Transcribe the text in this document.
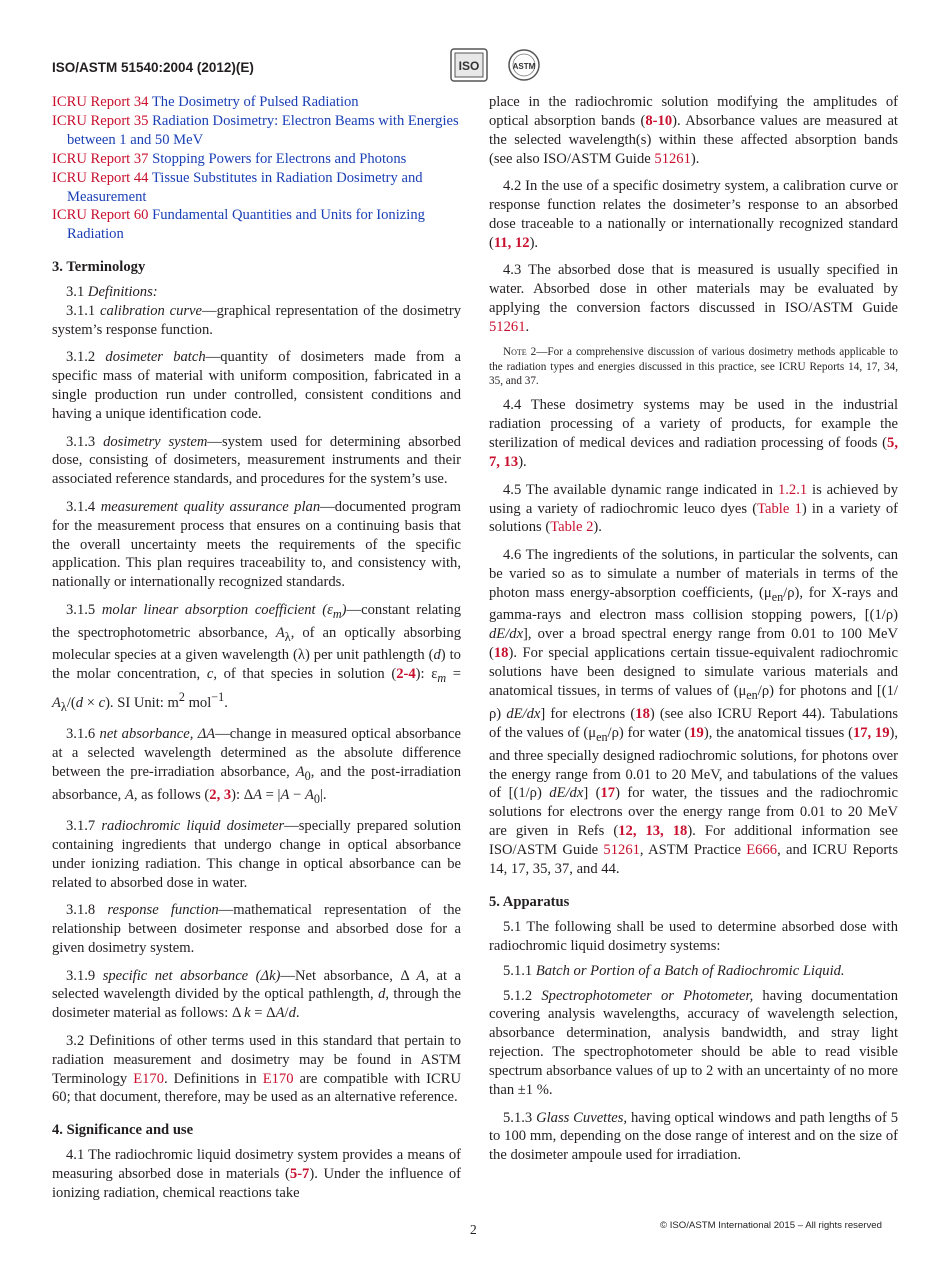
ISO/ASTM 51540:2004 (2012)(E)	ISO	ASTM

ICRU Report 34 The Dosimetry of Pulsed Radiation

ICRU Report 35 Radiation Dosimetry: Electron Beams with Energies between 1 and 50 MeV

ICRU Report 37 Stopping Powers for Electrons and Photons

ICRU Report 44 Tissue Substitutes in Radiation Dosimetry and Measurement

ICRU Report 60 Fundamental Quantities and Units for Ionizing Radiation

3. Terminology

3.1 Definitions:

3.1.1 calibration curve—graphical representation of the dosimetry system’s response function.

3.1.2 dosimeter batch—quantity of dosimeters made from a specific mass of material with uniform composition, fabricated in a single production run under controlled, consistent conditions and having a unique identification code.

3.1.3 dosimetry system—system used for determining absorbed dose, consisting of dosimeters, measurement instruments and their associated reference standards, and procedures for the system’s use.

3.1.4 measurement quality assurance plan—documented program for the measurement process that ensures on a continuing basis that the overall uncertainty meets the requirements of the specific application. This plan requires traceability to, and consistency with, nationally or internationally recognized standards.

3.1.5 molar linear absorption coefficient $(\varepsilon_m)—constant$ relating the spectrophotometric absorbance, $A_\lambda$, of an optically absorbing molecular species at a given wavelength (λ) per unit pathlength (d) to the molar concentration, c, of that species in solution (2-4): $\varepsilon_m = A_\lambda/(d \times c)$. SI Unit: $m^2$ mol$^{-1}$.

3.1.6 net absorbance, ΔA—change in measured optical absorbance at a selected wavelength determined as the absolute difference between the pre-irradiation absorbance, $A_0$, and the post-irradiation absorbance, A, as follows (2, 3): $\Delta A = |A - A_0|$.

3.1.7 radiochromic liquid dosimeter—specially prepared solution containing ingredients that undergo change in optical absorbance under ionizing radiation. This change in optical absorbance can be related to absorbed dose in water.

3.1.8 response function—mathematical representation of the relationship between dosimeter response and absorbed dose for a given dosimetry system.

3.1.9 specific net absorbance (Δk)—Net absorbance, Δ A, at a selected wavelength divided by the optical pathlength, d, through the dosimeter material as follows: Δ k = ΔA/d.

3.2 Definitions of other terms used in this standard that pertain to radiation measurement and dosimetry may be found in ASTM Terminology E170. Definitions in E170 are compatible with ICRU 60; that document, therefore, may be used as an alternative reference.

4. Significance and use

4.1 The radiochromic liquid dosimetry system provides a means of measuring absorbed dose in materials (5-7). Under the influence of ionizing radiation, chemical reactions take

place in the radiochromic solution modifying the amplitudes of optical absorption bands (8-10). Absorbance values are measured at the selected wavelength(s) within these affected absorption bands (see also ISO/ASTM Guide 51261).

4.2 In the use of a specific dosimetry system, a calibration curve or response function relates the dosimeter’s response to an absorbed dose traceable to a nationally or internationally recognized standard (11, 12).

4.3 The absorbed dose that is measured is usually specified in water. Absorbed dose in other materials may be evaluated by applying the conversion factors discussed in ISO/ASTM Guide 51261.

Note 2—For a comprehensive discussion of various dosimetry methods applicable to the radiation types and energies discussed in this practice, see ICRU Reports 14, 17, 34, 35, and 37.

4.4 These dosimetry systems may be used in the industrial radiation processing of a variety of products, for example the sterilization of medical devices and radiation processing of foods (5, 7, 13).

4.5 The available dynamic range indicated in 1.2.1 is achieved by using a variety of radiochromic leuco dyes (Table 1) in a variety of solutions (Table 2).

4.6 The ingredients of the solutions, in particular the solvents, can be varied so as to simulate a number of materials in terms of the photon mass energy-absorption coefficients, $(\mu_{en}/\rho)$, for X-rays and gamma-rays and electron mass collision stopping powers, [(1/ρ) dE/dx], over a broad spectral energy range from 0.01 to 100 MeV (18). For special applications certain tissue-equivalent radiochromic solutions have been designed to simulate various materials and anatomical tissues, in terms of values of $(\mu_{en}/\rho)$ for photons and [(1/ρ) dE/dx] for electrons (18) (see also ICRU Report 44). Tabulations of the values of $(\mu_{en}/\rho)$ for water (19), the anatomical tissues (17, 19), and three specially designed radiochromic solutions, for photons over the energy range from 0.01 to 20 MeV, and tabulations of the values of [(1/ρ) dE/dx] (17) for water, the tissues and the radiochromic solutions for electrons over the energy range from 0.01 to 20 MeV are given in Refs (12, 13, 18). For additional information see ISO/ASTM Guide 51261, ASTM Practice E666, and ICRU Reports 14, 17, 35, 37, and 44.

5. Apparatus

5.1 The following shall be used to determine absorbed dose with radiochromic liquid dosimetry systems:

5.1.1 Batch or Portion of a Batch of Radiochromic Liquid.

5.1.2 Spectrophotometer or Photometer, having documentation covering analysis wavelengths, accuracy of wavelength selection, absorbance determination, analysis bandwidth, and stray light rejection. The spectrophotometer should be able to read visible spectrum absorbance values of up to 2 with an uncertainty of no more than ±1 %.

5.1.3 Glass Cuvettes, having optical windows and path lengths of 5 to 100 mm, depending on the dose range of interest and on the size of the dosimeter ampoule used for irradiation.

2	© ISO/ASTM International 2015 – All rights reserved
